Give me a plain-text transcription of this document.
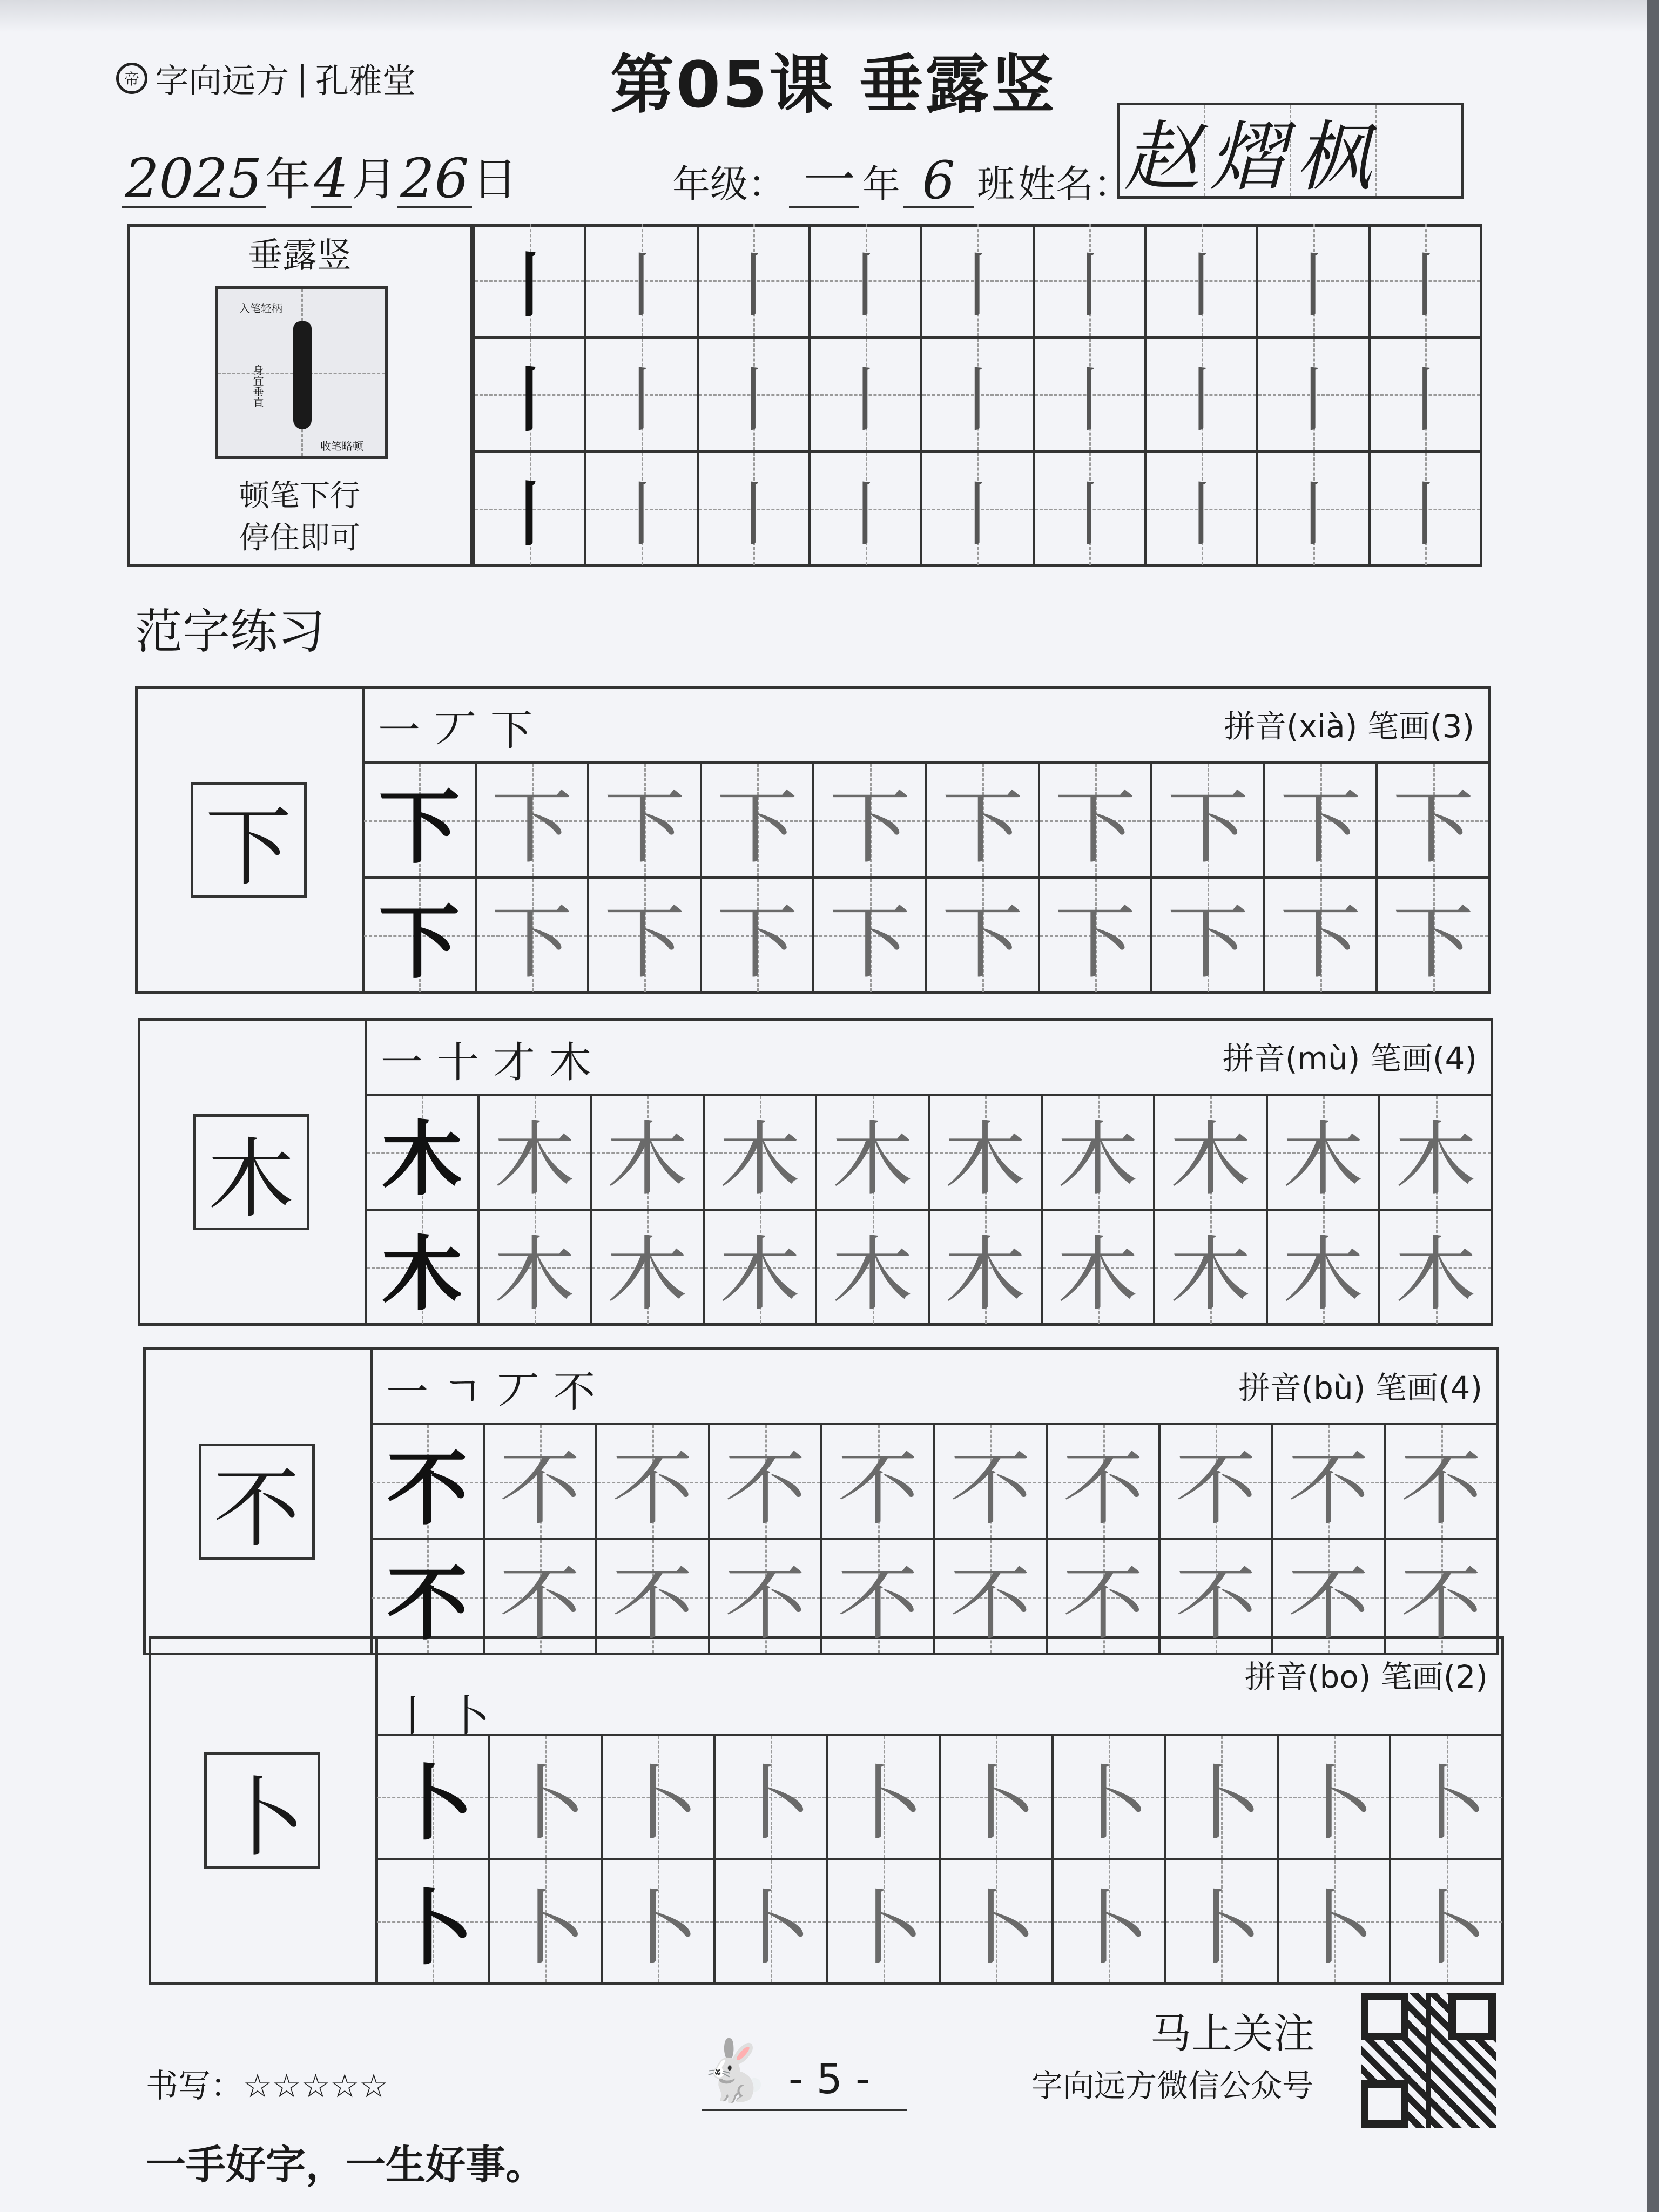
帝 字向远方 | 孔雅堂	第05课 垂露竖
2025 年 4 月 26 日	年级： 一 年 6 班 姓名：
赵 熠 枫
垂露竖
入笔轻柄
身宜垂直
收笔略顿
顿笔下行
停住即可
丨 丨 丨 丨 丨 丨 丨 丨 丨
丨 丨 丨 丨 丨 丨 丨 丨 丨
丨 丨 丨 丨 丨 丨 丨 丨 丨
范字练习
下
一丆下	拼音(xià) 笔画(3)
下 下 下 下 下 下 下 下 下 下
下 下 下 下 下 下 下 下 下 下
木
一十才木	拼音(mù) 笔画(4)
木 木 木 木 木 木 木 木 木 木
木 木 木 木 木 木 木 木 木 木
不
一ㄱ丆不	拼音(bù) 笔画(4)
不 不 不 不 不 不 不 不 不 不
不 不 不 不 不 不 不 不 不 不
卜
丨卜
拼音(bo) 笔画(2)
卜 卜 卜 卜 卜 卜 卜 卜 卜 卜
卜 卜 卜 卜 卜 卜 卜 卜 卜 卜
马上关注
字向远方微信公众号
书写：☆☆☆☆☆	🐇 - 5 -
一手好字，一生好事。
